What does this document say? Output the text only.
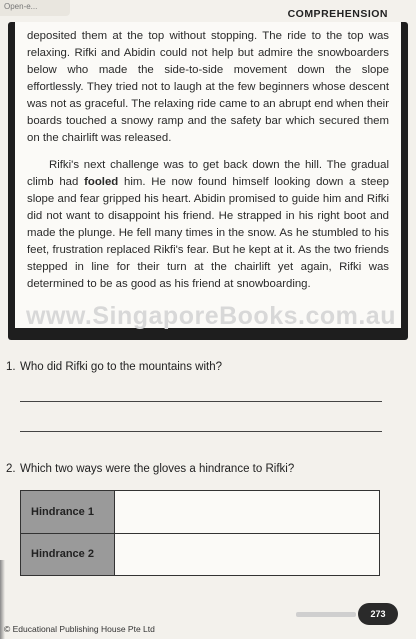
Open-e...
COMPREHENSION

deposited them at the top without stopping. The ride to the top was relaxing. Rifki and Abidin could not help but admire the snowboarders below who made the side-to-side movement down the slope effortlessly. They tried not to laugh at the few beginners whose descent was not as graceful. The relaxing ride came to an abrupt end when their boards touched a snowy ramp and the safety bar which secured them on the chairlift was released.

Rifki's next challenge was to get back down the hill. The gradual climb had fooled him. He now found himself looking down a steep slope and fear gripped his heart. Abidin promised to guide him and Rifki did not want to disappoint his friend. He strapped in his right boot and made the plunge. He fell many times in the snow. As he stumbled to his feet, frustration replaced Rikfi's fear. But he kept at it. As the two friends stepped in line for their turn at the chairlift yet again, Rifki was determined to be as good as his friend at snowboarding.

www.SingaporeBooks.com.au
1. Who did Rifki go to the mountains with?
2. Which two ways were the gloves a hindrance to Rifki?
Hindrance 1	
Hindrance 2	
© Educational Publishing House Pte Ltd
273
